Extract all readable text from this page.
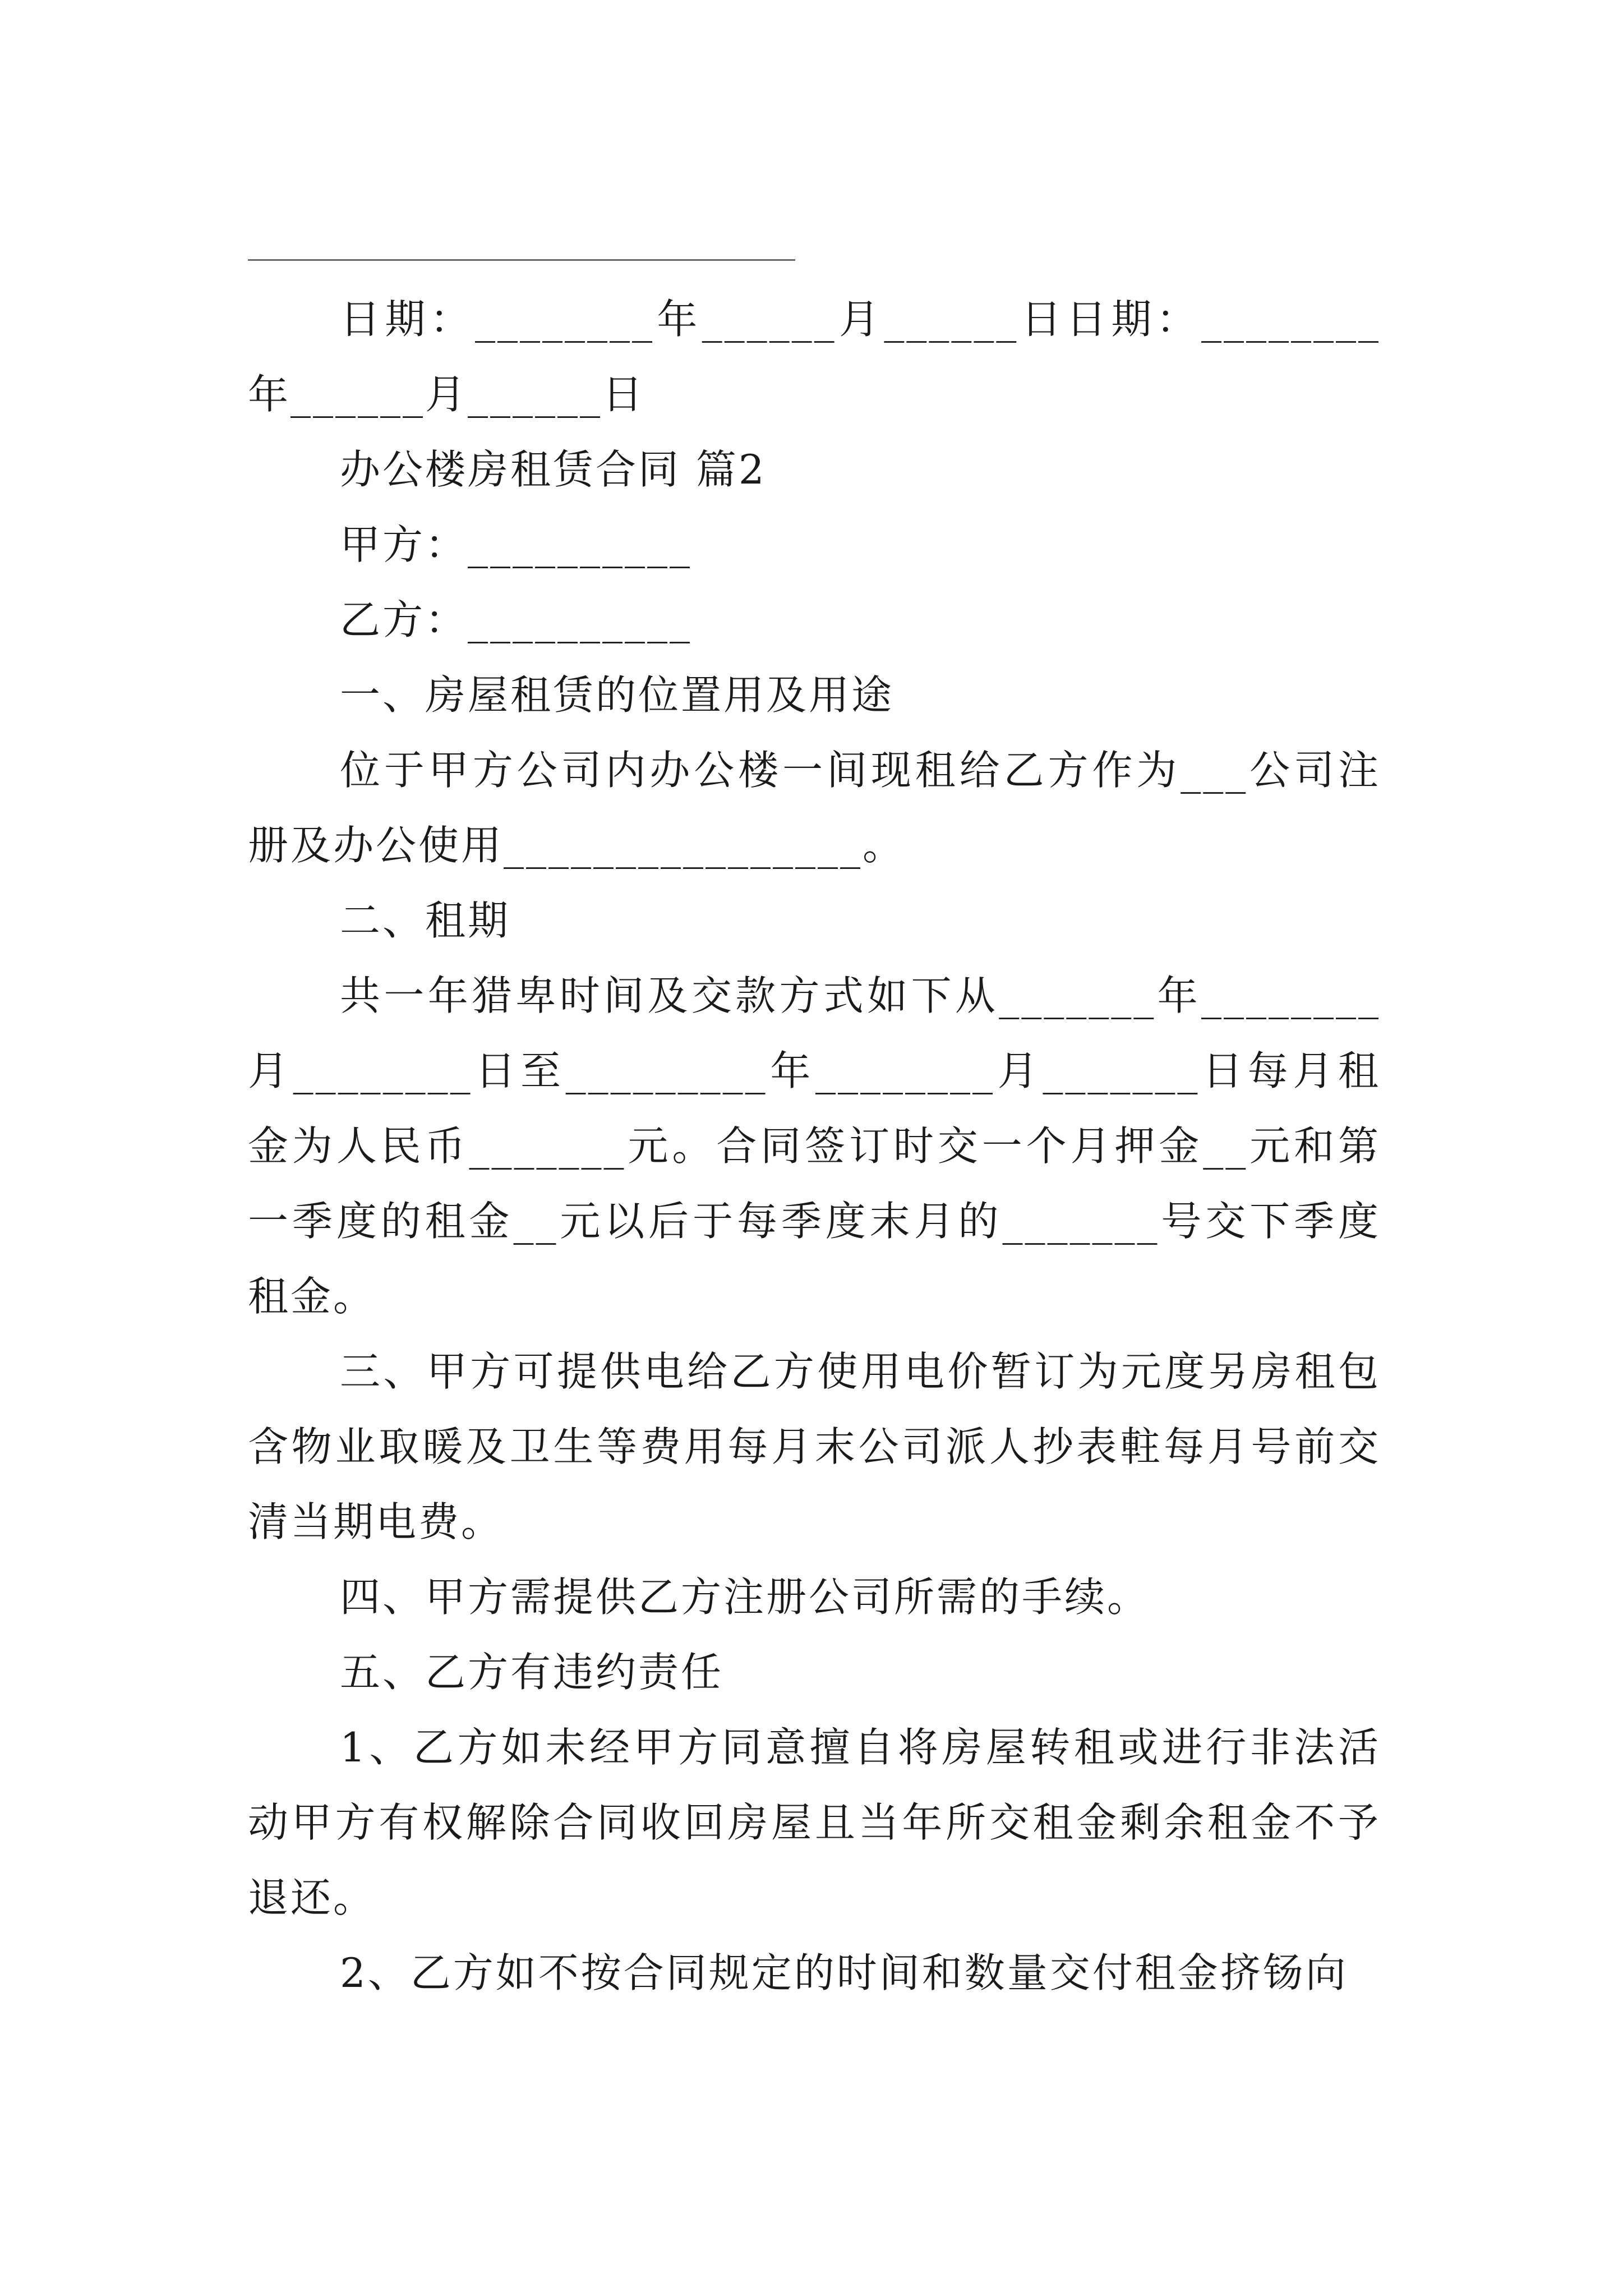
日期：________年______月______日日期：________年______月______日

办公楼房租赁合同 篇2

甲方：__________

乙方：__________

一、房屋租赁的位置用及用途

位于甲方公司内办公楼一间现租给乙方作为___公司注册及办公使用________________。

二、租期

共一年猎卑时间及交款方式如下从_______年________月________日至_________年________月_______日每月租金为人民币_______元。合同签订时交一个月押金__元和第一季度的租金__元以后于每季度末月的_______号交下季度租金。

三、甲方可提供电给乙方使用电价暂订为元度另房租包含物业取暖及卫生等费用每月末公司派人抄表軴每月号前交清当期电费。

四、甲方需提供乙方注册公司所需的手续。

五、乙方有违约责任

1、乙方如未经甲方同意擅自将房屋转租或进行非法活动甲方有权解除合同收回房屋且当年所交租金剩余租金不予退还。

2、乙方如不按合同规定的时间和数量交付租金挤钖向
